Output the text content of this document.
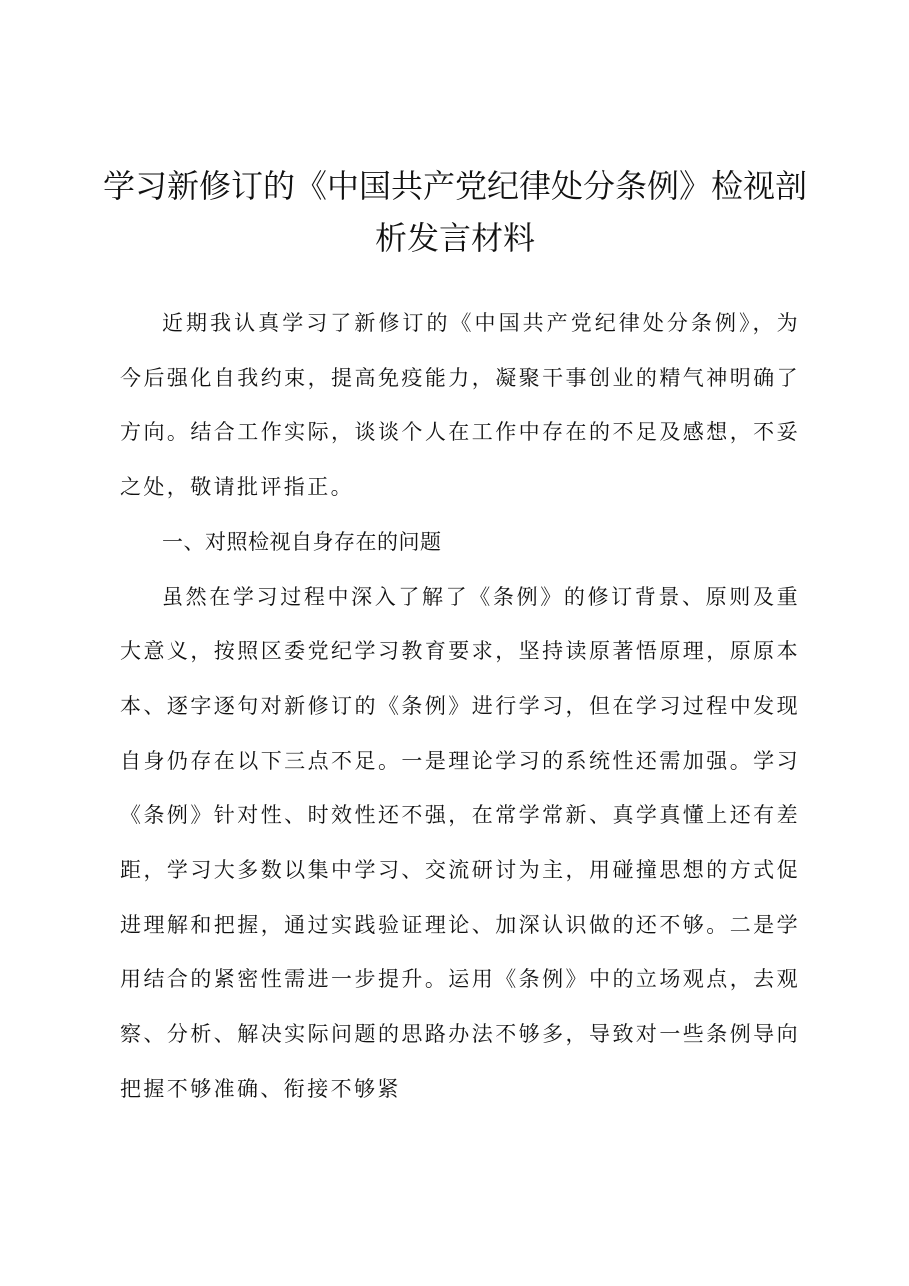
学习新修订的《中国共产党纪律处分条例》检视剖析发言材料

近期我认真学习了新修订的《中国共产党纪律处分条例》，为今后强化自我约束，提高免疫能力，凝聚干事创业的精气神明确了方向。结合工作实际，谈谈个人在工作中存在的不足及感想，不妥之处，敬请批评指正。

一、对照检视自身存在的问题

虽然在学习过程中深入了解了《条例》的修订背景、原则及重大意义，按照区委党纪学习教育要求，坚持读原著悟原理，原原本本、逐字逐句对新修订的《条例》进行学习，但在学习过程中发现自身仍存在以下三点不足。一是理论学习的系统性还需加强。学习《条例》针对性、时效性还不强，在常学常新、真学真懂上还有差距，学习大多数以集中学习、交流研讨为主，用碰撞思想的方式促进理解和把握，通过实践验证理论、加深认识做的还不够。二是学用结合的紧密性需进一步提升。运用《条例》中的立场观点，去观察、分析、解决实际问题的思路办法不够多，导致对一些条例导向把握不够准确、衔接不够紧
